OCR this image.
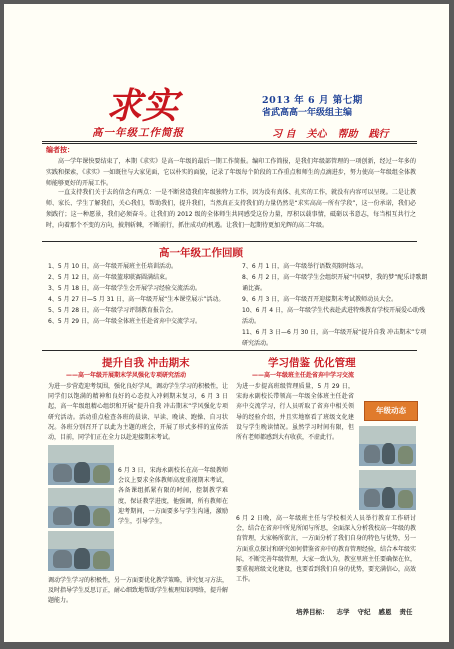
求实	2013 年 6 月 第七期
省武高高一年级组主编
高一年级工作简报	习 自 关心 帮助 践行
编者按：
高一学年课快要结束了，本期《求实》是高一年级的最后一期工作简报。编印工作简报，是我们年级部管理的一项创新，经过一年多的实践和探索，《求实》一如既往与大家见面，它以朴实的面貌，记录了年级每个阶段的工作重点和师生的点滴进步，努力使高一年级组全体教师能够更好的开展工作。
一直支持我们关于去的信念有两点：一是不断营造我们年级独特力工作，因为没有真体、扎实的工作，就没有内容可以呈现。二是让教师、家长、学生了解我们，关心我们，帮助我们，提升我们，当然真正支持我们的力量仍然是“求实高高一所有学段”，这一份承诺，我们必须践行；这一种愿景，我们必须奋斗。让我们的 2012 级的全体师生共同感受这份力量，厚积以载事情，砥砺以书意志，每当相互共行之时，向着那个不变的方向，披荆斩棘，不断前行，抓住成功的机遇。让我们一起期待更加光辉的高二年级。
高一年级工作回顾
1、5 月 10 日，高一年级开展班主任培训活动。
2、5 月 12 日，高一年级篮球联赛圆满结束。
3、5 月 18 日，高一年级学生会开展学习经验交流活动。
4、5 月 27 日—5 月 31 日，高一年级开展“生本课堂展示”活动。
5、5 月 28 日，高一年级学习评制教育报告会。
6、5 月 29 日，高一年级全体班主任赴省弃中交流学习。
7、6 月 1 日，高一年级举行语数英限时练习。
8、6 月 2 日，高一年级学生会组织开展“中国梦，我的梦”配乐诗歌朗诵比赛。
9、6 月 3 日，高一年级召开迎接期末考试教师动员大会。
10、6 月 4 日，高一年级学生代表赴武进特殊教育学校开展爱心助残活动。
11、6 月 3 日—6 月 30 日，高一年级开展“提升自我 冲击期末”专项研究活动。
提升自我 冲击期末
——高一年级开展期末学风强化专项研究活动
为进一步营造迎考氛围，强化良好学风，调动学生学习的积极性，让同学们以饱满的精神和良好的心态投入冲刺期末复习，6 月 3 日起，高一年级组精心组织和开展“提升自我 冲击期末”学风强化专项研究活动。活动重点检查各班的晨读、早读、晚读、跑操、自习状况。各班分别召开了以此为主题的班会，开展了形式多样的宣传活动，目前，同学们正在全力以赴迎接期末考试。
6 月 3 日，宋海永副校长在高一年级教师会议上要求全体教师高度重视期末考试，各备课组抓紧有限的时间，控制教学难度，保证教学进度，他强调，所有教师在迎考期间，一方面要多与学生沟通，激励学生，引导学生，
调动学生学习的积极性，另一方面要优化教学策略，讲究复习方法，及时指导学生反思订正，耐心细致地帮助学生梳理知识网络，提升解题能力。
学习借鉴 优化管理
——高一年级班主任赴省弃中学习交流
为进一步提高班级管理质量，5 月 29 日，宋海永副校长带领高一年级全体班主任赴省弃中交流学习，行人员听取了省弃中相关领导的经验介绍，并且实地察看了班级文化建设与学生晚读情况。虽然学习时间有限，但所有老师都感到大有收获，不虚此行。
年级动态
6 月 2 日晚，高一年级班主任与学校相关人员举行教育工作研讨会，结合在省弃中所见所闻与所思，全面深入分析我校高一年级的教育管理，大家畅所欲言，一方面分析了我们自身的特色与优势，另一方面重点探讨和研究如何借鉴省弃中的教育管理经验，结合本年级实际，不断完善年级管理，大家一致认为，教室里班主任要确保在位，要重视班级文化建设，也要看到我们自身的优势，要充满信心，高效工作。
培养目标： 志学 守纪 感恩 责任
